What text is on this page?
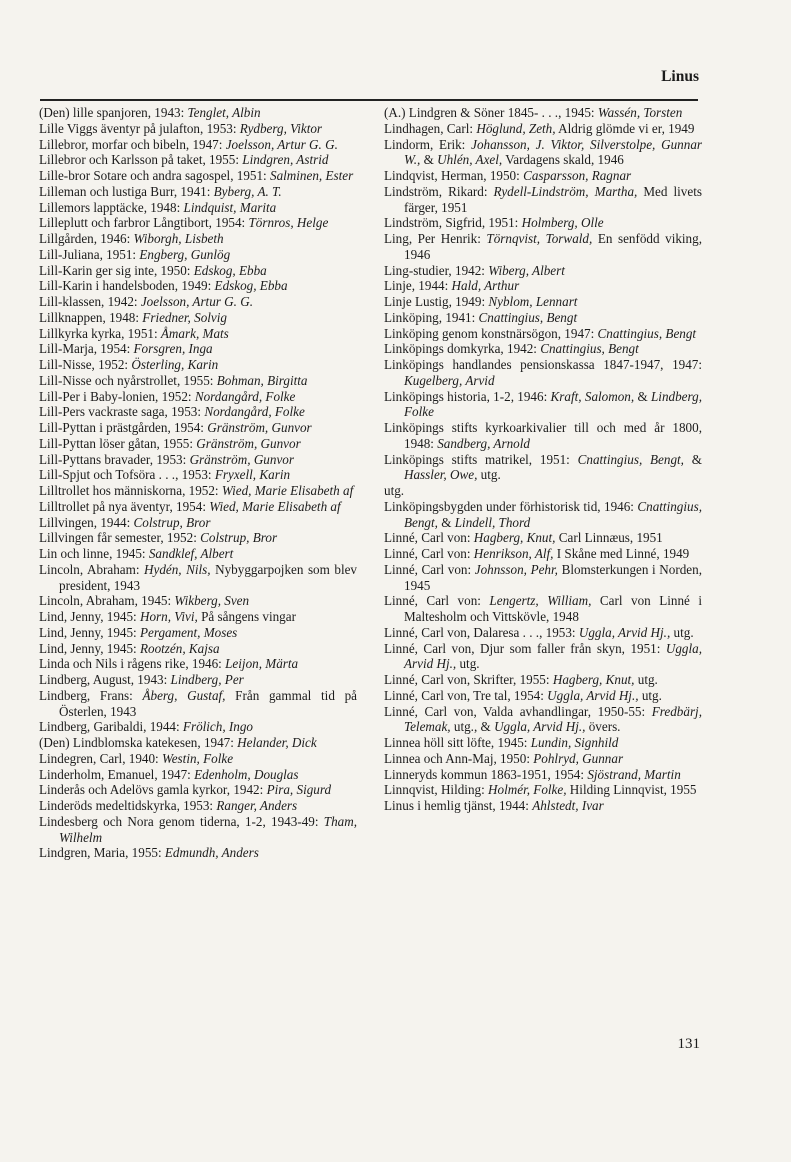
Linus

(Den) lille spanjoren, 1943: Tenglet, Albin

Lille Viggs äventyr på julafton, 1953: Rydberg, Viktor

Lillebror, morfar och bibeln, 1947: Joelsson, Artur G. G.

Lillebror och Karlsson på taket, 1955: Lindgren, Astrid

Lille-bror Sotare och andra sagospel, 1951: Salminen, Ester

Lilleman och lustiga Burr, 1941: Byberg, A. T.

Lillemors lapptäcke, 1948: Lindquist, Marita

Lilleplutt och farbror Långtibort, 1954: Törnros, Helge

Lillgården, 1946: Wiborgh, Lisbeth

Lill-Juliana, 1951: Engberg, Gunlög

Lill-Karin ger sig inte, 1950: Edskog, Ebba

Lill-Karin i handelsboden, 1949: Edskog, Ebba

Lill-klassen, 1942: Joelsson, Artur G. G.

Lillknappen, 1948: Friedner, Solvig

Lillkyrka kyrka, 1951: Åmark, Mats

Lill-Marja, 1954: Forsgren, Inga

Lill-Nisse, 1952: Österling, Karin

Lill-Nisse och nyårstrollet, 1955: Bohman, Birgitta

Lill-Per i Baby-lonien, 1952: Nordangård, Folke

Lill-Pers vackraste saga, 1953: Nordangård, Folke

Lill-Pyttan i prästgården, 1954: Gränström, Gunvor

Lill-Pyttan löser gåtan, 1955: Gränström, Gunvor

Lill-Pyttans bravader, 1953: Gränström, Gunvor

Lill-Spjut och Tofsöra . . ., 1953: Fryxell, Karin

Lilltrollet hos människorna, 1952: Wied, Marie Elisabeth af

Lilltrollet på nya äventyr, 1954: Wied, Marie Elisabeth af

Lillvingen, 1944: Colstrup, Bror

Lillvingen får semester, 1952: Colstrup, Bror

Lin och linne, 1945: Sandklef, Albert

Lincoln, Abraham: Hydén, Nils, Nybyggarpojken som blev president, 1943

Lincoln, Abraham, 1945: Wikberg, Sven

Lind, Jenny, 1945: Horn, Vivi, På sångens vingar

Lind, Jenny, 1945: Pergament, Moses

Lind, Jenny, 1945: Rootzén, Kajsa

Linda och Nils i rågens rike, 1946: Leijon, Märta

Lindberg, August, 1943: Lindberg, Per

Lindberg, Frans: Åberg, Gustaf, Från gammal tid på Österlen, 1943

Lindberg, Garibaldi, 1944: Frölich, Ingo

(Den) Lindblomska katekesen, 1947: Helander, Dick

Lindegren, Carl, 1940: Westin, Folke

Linderholm, Emanuel, 1947: Edenholm, Douglas

Linderås och Adelövs gamla kyrkor, 1942: Pira, Sigurd

Linderöds medeltidskyrka, 1953: Ranger, Anders

Lindesberg och Nora genom tiderna, 1-2, 1943-49: Tham, Wilhelm

Lindgren, Maria, 1955: Edmundh, Anders

(A.) Lindgren & Söner 1845- . . ., 1945: Wassén, Torsten

Lindhagen, Carl: Höglund, Zeth, Aldrig glömde vi er, 1949

Lindorm, Erik: Johansson, J. Viktor, Silverstolpe, Gunnar W., & Uhlén, Axel, Vardagens skald, 1946

Lindqvist, Herman, 1950: Casparsson, Ragnar

Lindström, Rikard: Rydell-Lindström, Martha, Med livets färger, 1951

Lindström, Sigfrid, 1951: Holmberg, Olle

Ling, Per Henrik: Törnqvist, Torwald, En senfödd viking, 1946

Ling-studier, 1942: Wiberg, Albert

Linje, 1944: Hald, Arthur

Linje Lustig, 1949: Nyblom, Lennart

Linköping, 1941: Cnattingius, Bengt

Linköping genom konstnärsögon, 1947: Cnattingius, Bengt

Linköpings domkyrka, 1942: Cnattingius, Bengt

Linköpings handlandes pensionskassa 1847-1947, 1947: Kugelberg, Arvid

Linköpings historia, 1-2, 1946: Kraft, Salomon, & Lindberg, Folke

Linköpings stifts kyrkoarkivalier till och med år 1800, 1948: Sandberg, Arnold

Linköpings stifts matrikel, 1951: Cnattingius, Bengt, & Hassler, Owe, utg.

utg.

Linköpingsbygden under förhistorisk tid, 1946: Cnattingius, Bengt, & Lindell, Thord

Linné, Carl von: Hagberg, Knut, Carl Linnæus, 1951

Linné, Carl von: Henrikson, Alf, I Skåne med Linné, 1949

Linné, Carl von: Johnsson, Pehr, Blomsterkungen i Norden, 1945

Linné, Carl von: Lengertz, William, Carl von Linné i Maltesholm och Vittskövle, 1948

Linné, Carl von, Dalaresa . . ., 1953: Uggla, Arvid Hj., utg.

Linné, Carl von, Djur som faller från skyn, 1951: Uggla, Arvid Hj., utg.

Linné, Carl von, Skrifter, 1955: Hagberg, Knut, utg.

Linné, Carl von, Tre tal, 1954: Uggla, Arvid Hj., utg.

Linné, Carl von, Valda avhandlingar, 1950-55: Fredbärj, Telemak, utg., & Uggla, Arvid Hj., övers.

Linnea höll sitt löfte, 1945: Lundin, Signhild

Linnea och Ann-Maj, 1950: Pohlryd, Gunnar

Linneryds kommun 1863-1951, 1954: Sjöstrand, Martin

Linnqvist, Hilding: Holmér, Folke, Hilding Linnqvist, 1955

Linus i hemlig tjänst, 1944: Ahlstedt, Ivar

131
